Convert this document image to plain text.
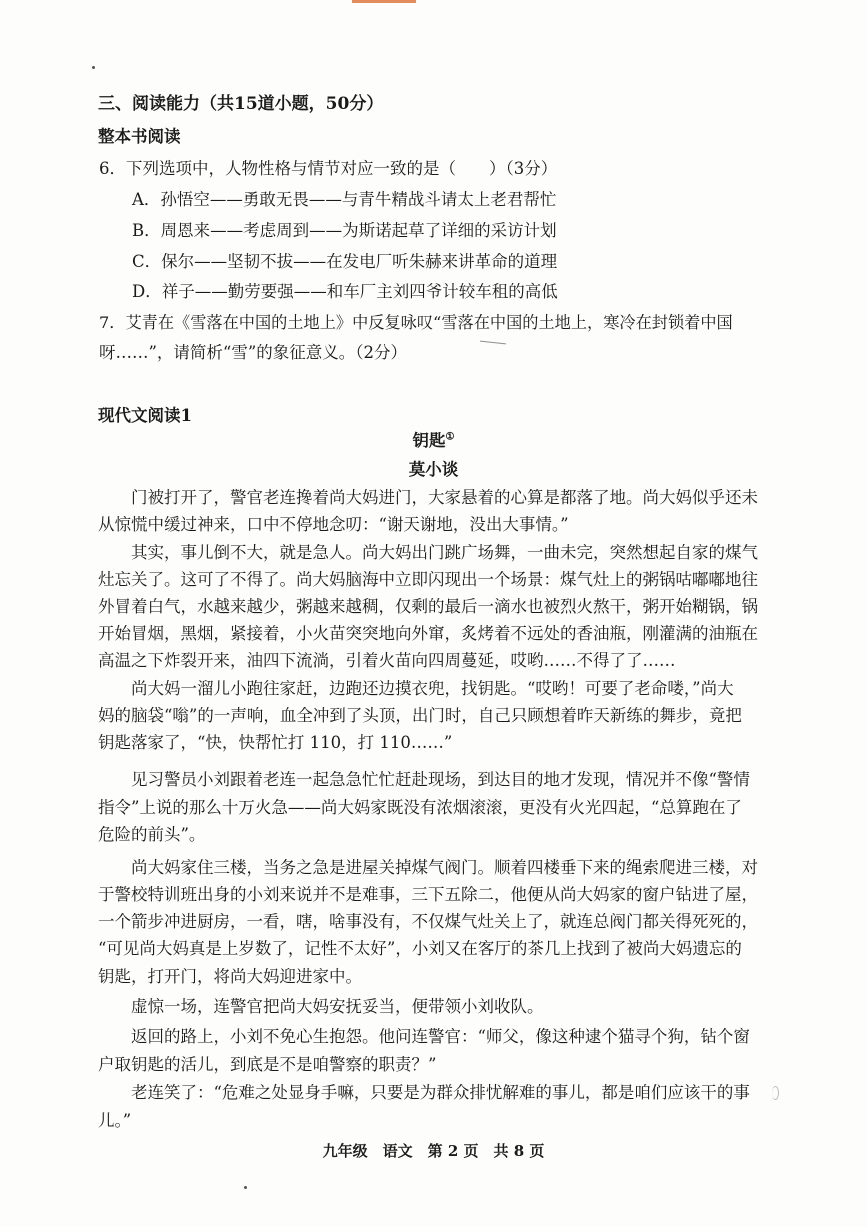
三、阅读能力（共15道小题，50分）
整本书阅读
6．下列选项中，人物性格与情节对应一致的是（　　）（3分）
A．孙悟空——勇敢无畏——与青牛精战斗请太上老君帮忙
B．周恩来——考虑周到——为斯诺起草了详细的采访计划
C．保尔——坚韧不拔——在发电厂听朱赫来讲革命的道理
D．祥子——勤劳要强——和车厂主刘四爷计较车租的高低
7．艾青在《雪落在中国的土地上》中反复咏叹“雪落在中国的土地上，寒冷在封锁着中国
呀……”，请简析“雪”的象征意义。（2分）
现代文阅读1
钥匙①
莫小谈
门被打开了，警官老连搀着尚大妈进门，大家悬着的心算是都落了地。尚大妈似乎还未
从惊慌中缓过神来，口中不停地念叨：“谢天谢地，没出大事情。”
其实，事儿倒不大，就是急人。尚大妈出门跳广场舞，一曲未完，突然想起自家的煤气
灶忘关了。这可了不得了。尚大妈脑海中立即闪现出一个场景：煤气灶上的粥锅咕嘟嘟地往
外冒着白气，水越来越少，粥越来越稠，仅剩的最后一滴水也被烈火熬干，粥开始糊锅，锅
开始冒烟，黑烟，紧接着，小火苗突突地向外窜，炙烤着不远处的香油瓶，刚灌满的油瓶在
高温之下炸裂开来，油四下流淌，引着火苗向四周蔓延，哎哟……不得了了……
尚大妈一溜儿小跑往家赶，边跑还边摸衣兜，找钥匙。“哎哟！可要了老命喽，”尚大
妈的脑袋“嗡”的一声响，血全冲到了头顶，出门时，自己只顾想着昨天新练的舞步，竟把
钥匙落家了，“快，快帮忙打 110，打 110……”
见习警员小刘跟着老连一起急急忙忙赶赴现场，到达目的地才发现，情况并不像“警情
指令”上说的那么十万火急——尚大妈家既没有浓烟滚滚，更没有火光四起，“总算跑在了
危险的前头”。
尚大妈家住三楼，当务之急是进屋关掉煤气阀门。顺着四楼垂下来的绳索爬进三楼，对
于警校特训班出身的小刘来说并不是难事，三下五除二，他便从尚大妈家的窗户钻进了屋，
一个箭步冲进厨房，一看，嗐，啥事没有，不仅煤气灶关上了，就连总阀门都关得死死的，
“可见尚大妈真是上岁数了，记性不太好”，小刘又在客厅的茶几上找到了被尚大妈遗忘的
钥匙，打开门，将尚大妈迎进家中。
虚惊一场，连警官把尚大妈安抚妥当，便带领小刘收队。
返回的路上，小刘不免心生抱怨。他问连警官：“师父，像这种逮个猫寻个狗，钻个窗
户取钥匙的活儿，到底是不是咱警察的职责？”
老连笑了：“危难之处显身手嘛，只要是为群众排忧解难的事儿，都是咱们应该干的事
儿。”
九年级　语文　第 2 页　共 8 页
